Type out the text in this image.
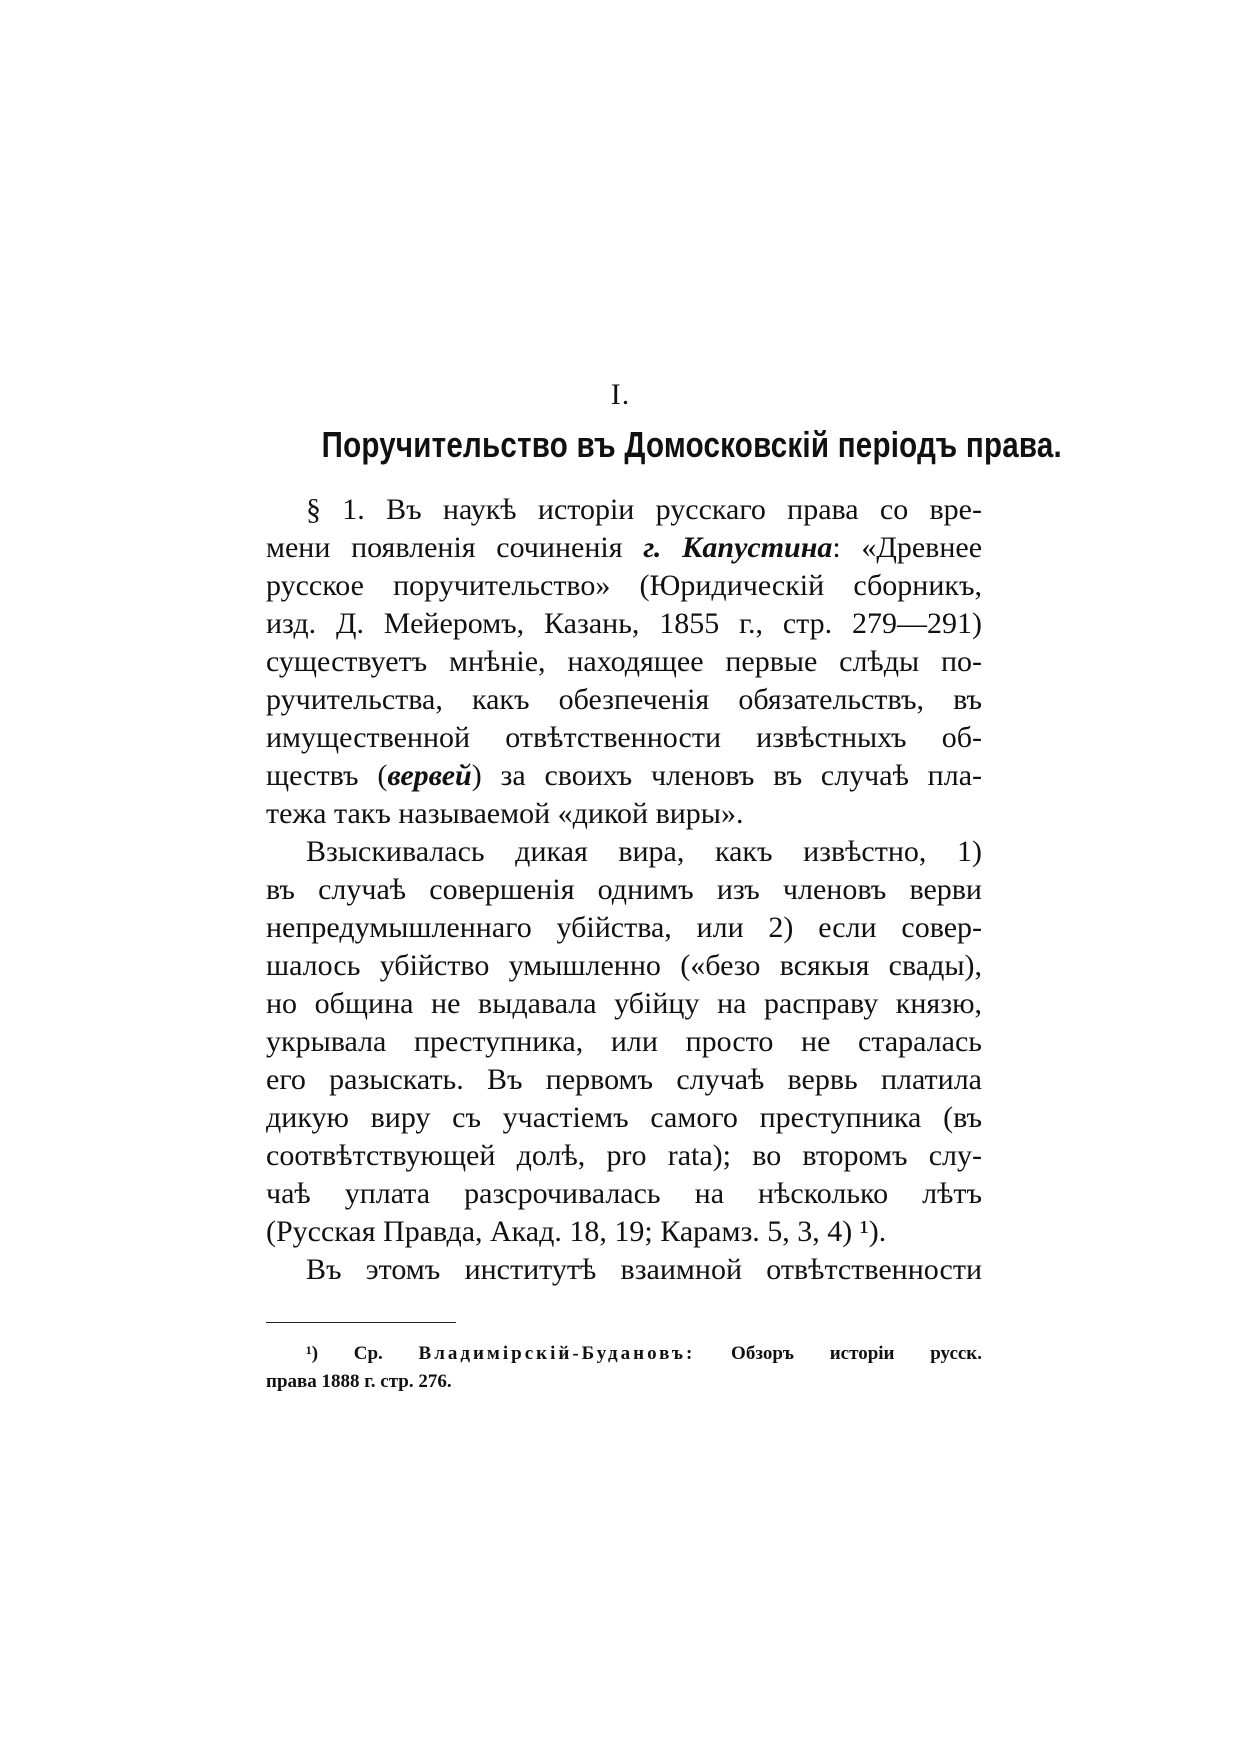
I.
Поручительство въ Домосковскій періодъ права.
§ 1. Въ наукѣ исторіи русскаго права со вре-
мени появленія сочиненія г. Капустина: «Древнее
русское поручительство» (Юридическій сборникъ,
изд. Д. Мейеромъ, Казань, 1855 г., стр. 279—291)
существуетъ мнѣніе, находящее первые слѣды по-
ручительства, какъ обезпеченія обязательствъ, въ
имущественной отвѣтственности извѣстныхъ об-
ществъ (вервей) за своихъ членовъ въ случаѣ пла-
тежа такъ называемой «дикой виры».
Взыскивалась дикая вира, какъ извѣстно, 1)
въ случаѣ совершенія однимъ изъ членовъ верви
непредумышленнаго убійства, или 2) если совер-
шалось убійство умышленно («безо всякыя свады),
но община не выдавала убійцу на расправу князю,
укрывала преступника, или просто не старалась
его разыскать. Въ первомъ случаѣ вервь платила
дикую виру съ участіемъ самого преступника (въ
соотвѣтствующей долѣ, pro rata); во второмъ слу-
чаѣ уплата разсрочивалась на нѣсколько лѣтъ
(Русская Правда, Акад. 18, 19; Карамз. 5, 3, 4) ¹).
Въ этомъ институтѣ взаимной отвѣтственности
¹) Ср. Владимірскій-Будановъ: Обзоръ исторіи русск.
права 1888 г. стр. 276.
